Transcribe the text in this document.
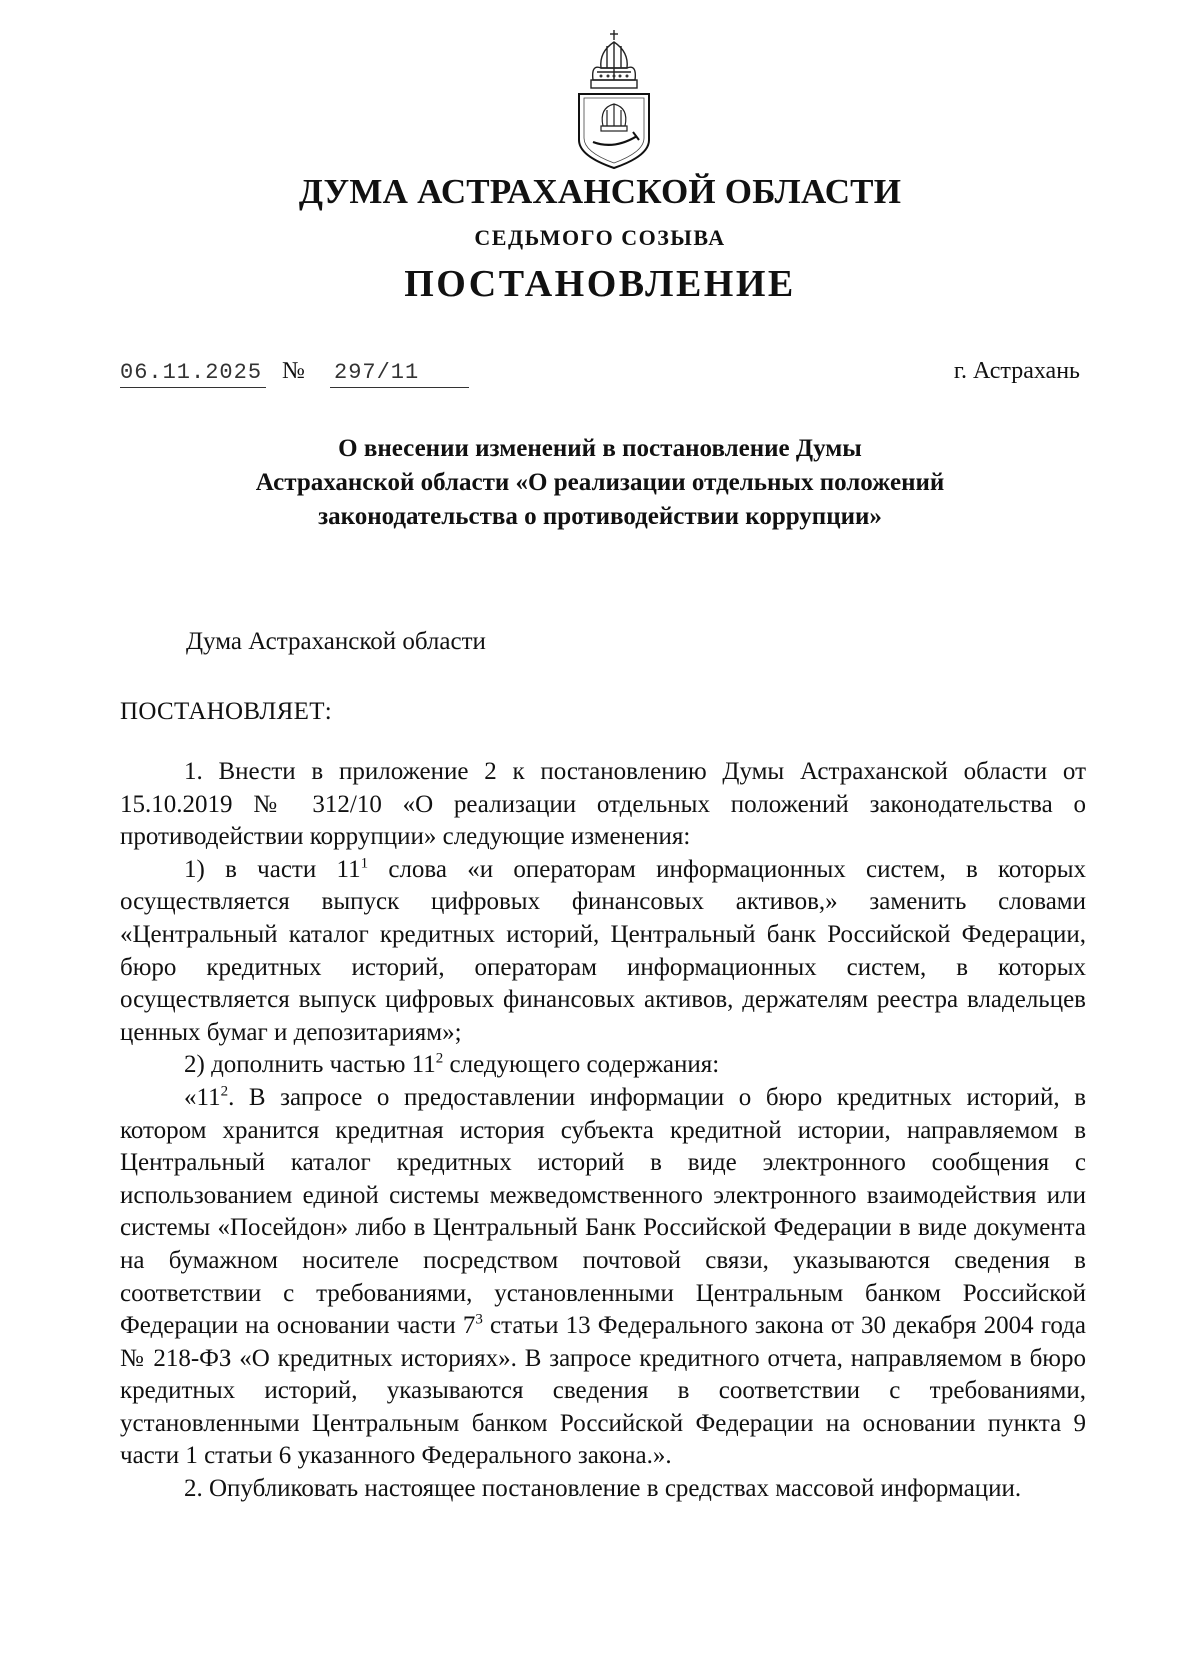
ДУМА АСТРАХАНСКОЙ ОБЛАСТИ
СЕДЬМОГО СОЗЫВА
ПОСТАНОВЛЕНИЕ
06.11.2025 № 297/11	г. Астрахань
О внесении изменений в постановление Думы
Астраханской области «О реализации отдельных положений
законодательства о противодействии коррупции»
Дума Астраханской области
ПОСТАНОВЛЯЕТ:

1. Внести в приложение 2 к постановлению Думы Астраханской области от 15.10.2019 № 312/10 «О реализации отдельных положений законодательства о противодействии коррупции» следующие изменения:

1) в части $11^1$ слова «и операторам информационных систем, в которых осуществляется выпуск цифровых финансовых активов,» заменить словами «Центральный каталог кредитных историй, Центральный банк Российской Федерации, бюро кредитных историй, операторам информационных систем, в которых осуществляется выпуск цифровых финансовых активов, держателям реестра владельцев ценных бумаг и депозитариям»;

2) дополнить частью $11^2$ следующего содержания:

«$11^2$. В запросе о предоставлении информации о бюро кредитных историй, в котором хранится кредитная история субъекта кредитной истории, направляемом в Центральный каталог кредитных историй в виде электронного сообщения с использованием единой системы межведомственного электронного взаимодействия или системы «Посейдон» либо в Центральный Банк Российской Федерации в виде документа на бумажном носителе посредством почтовой связи, указываются сведения в соответствии с требованиями, установленными Центральным банком Российской Федерации на основании части $7^3$ статьи 13 Федерального закона от 30 декабря 2004 года № 218-ФЗ «О кредитных историях». В запросе кредитного отчета, направляемом в бюро кредитных историй, указываются сведения в соответствии с требованиями, установленными Центральным банком Российской Федерации на основании пункта 9 части 1 статьи 6 указанного Федерального закона.».

2. Опубликовать настоящее постановление в средствах массовой информации.
